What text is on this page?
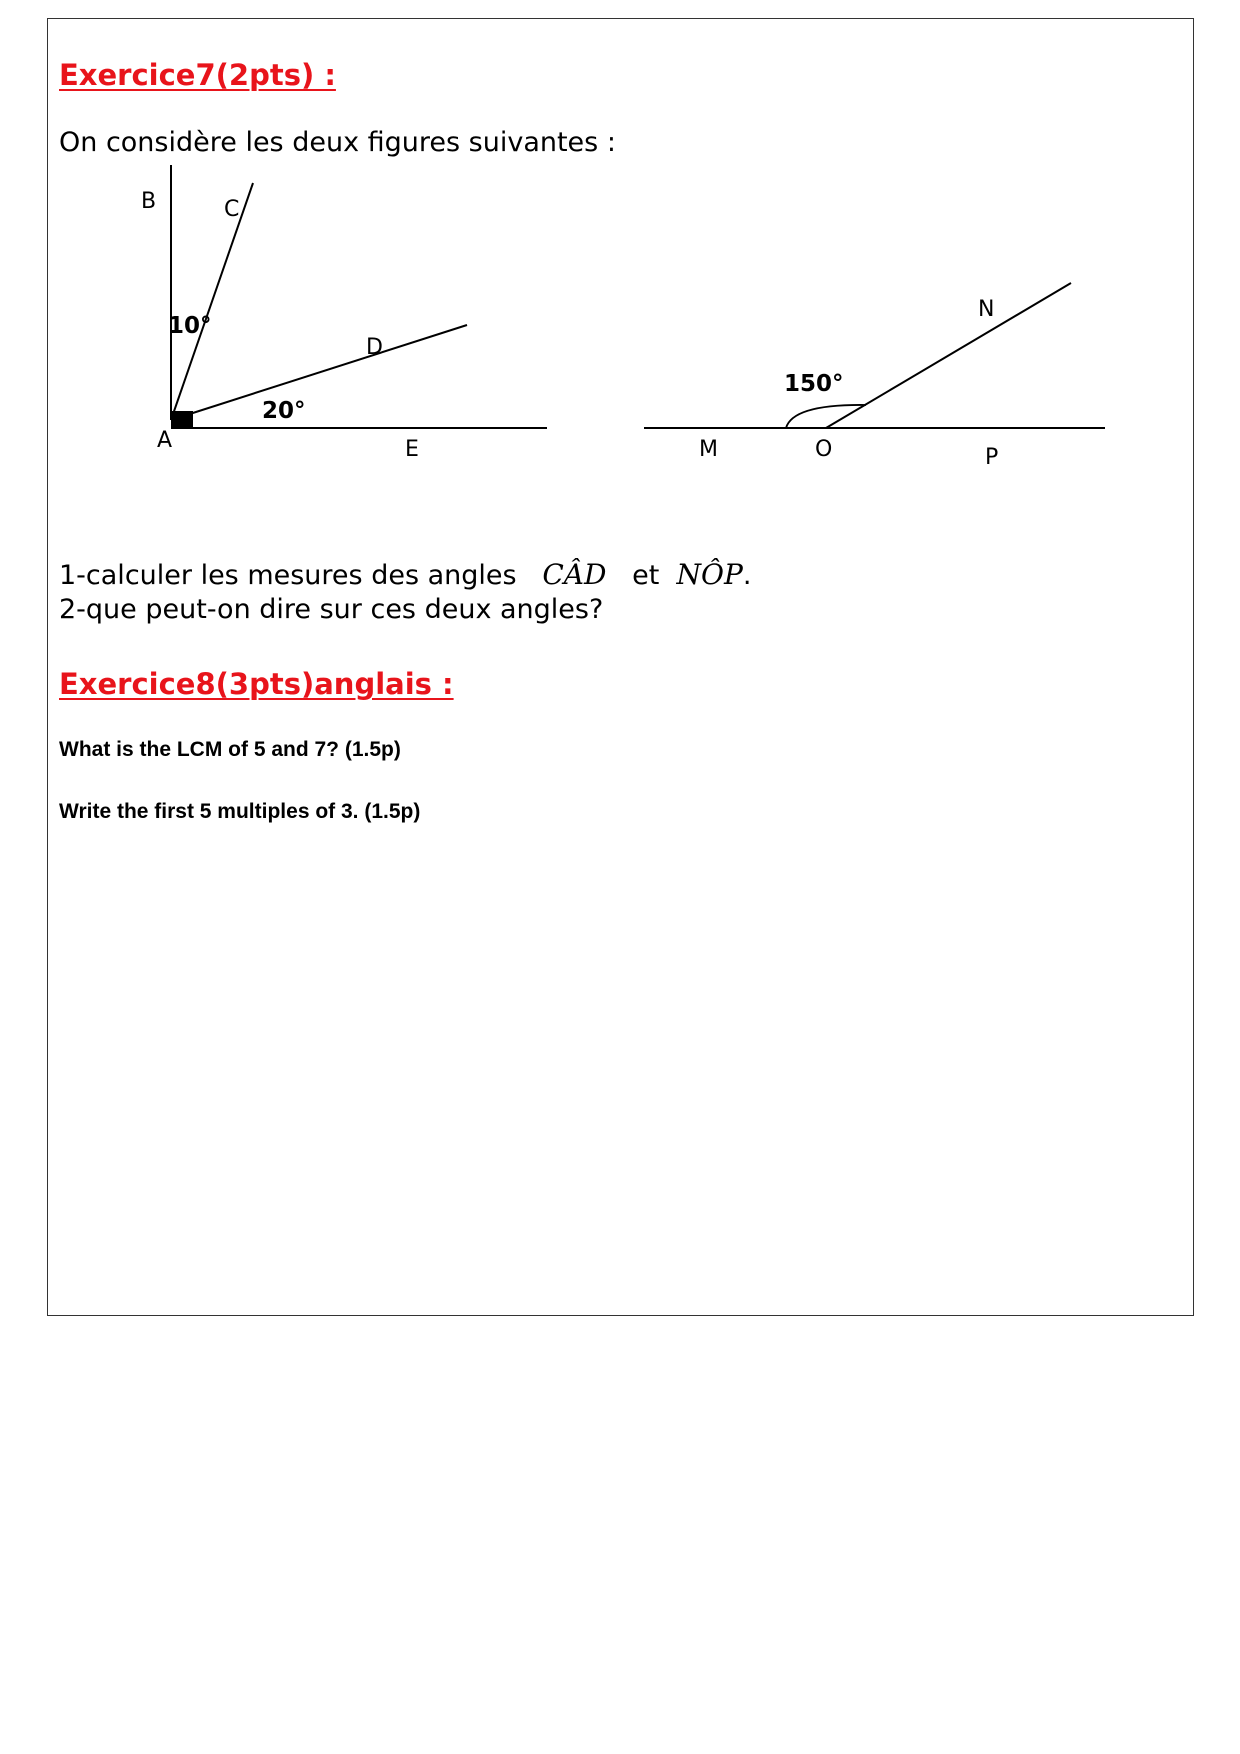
Exercice7(2pts) :
On considère les deux figures suivantes :
B	C
D
A	E
10°
20°
150°
N
M	O	P
1-calculer les mesures des angles CÂD et NÔP.
2-que peut-on dire sur ces deux angles?
Exercice8(3pts)anglais :
What is the LCM of 5 and 7? (1.5p)
Write the first 5 multiples of 3. (1.5p)
